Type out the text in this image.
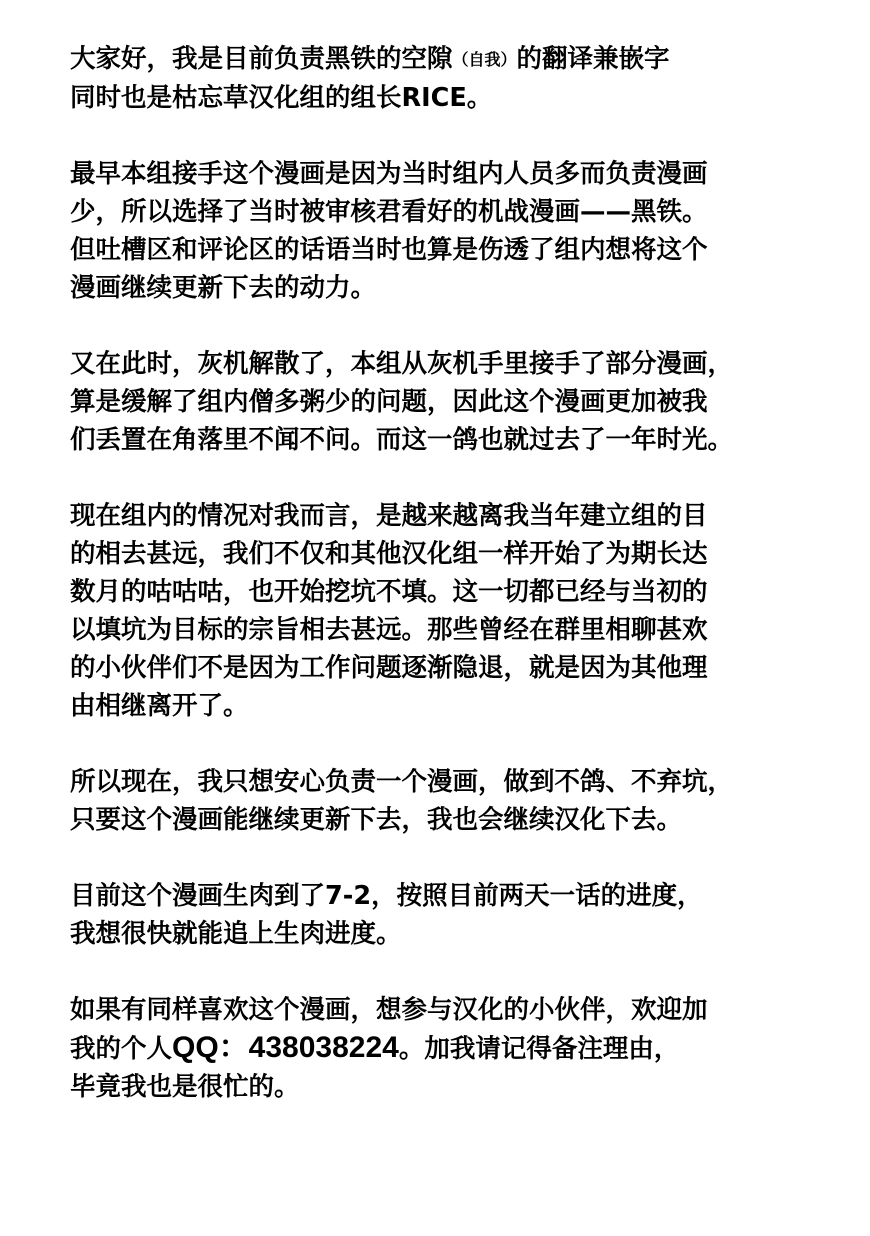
大家好，我是目前负责黑铁的空隙（自我）的翻译兼嵌字
同时也是枯忘草汉化组的组长RICE。
最早本组接手这个漫画是因为当时组内人员多而负责漫画
少，所以选择了当时被审核君看好的机战漫画——黑铁。
但吐槽区和评论区的话语当时也算是伤透了组内想将这个
漫画继续更新下去的动力。
又在此时，灰机解散了，本组从灰机手里接手了部分漫画，
算是缓解了组内僧多粥少的问题，因此这个漫画更加被我
们丢置在角落里不闻不问。而这一鸽也就过去了一年时光。
现在组内的情况对我而言，是越来越离我当年建立组的目
的相去甚远，我们不仅和其他汉化组一样开始了为期长达
数月的咕咕咕，也开始挖坑不填。这一切都已经与当初的
以填坑为目标的宗旨相去甚远。那些曾经在群里相聊甚欢
的小伙伴们不是因为工作问题逐渐隐退，就是因为其他理
由相继离开了。
所以现在，我只想安心负责一个漫画，做到不鸽、不弃坑，
只要这个漫画能继续更新下去，我也会继续汉化下去。
目前这个漫画生肉到了7-2，按照目前两天一话的进度，
我想很快就能追上生肉进度。
如果有同样喜欢这个漫画，想参与汉化的小伙伴，欢迎加
我的个人QQ：438038224。加我请记得备注理由，
毕竟我也是很忙的。
